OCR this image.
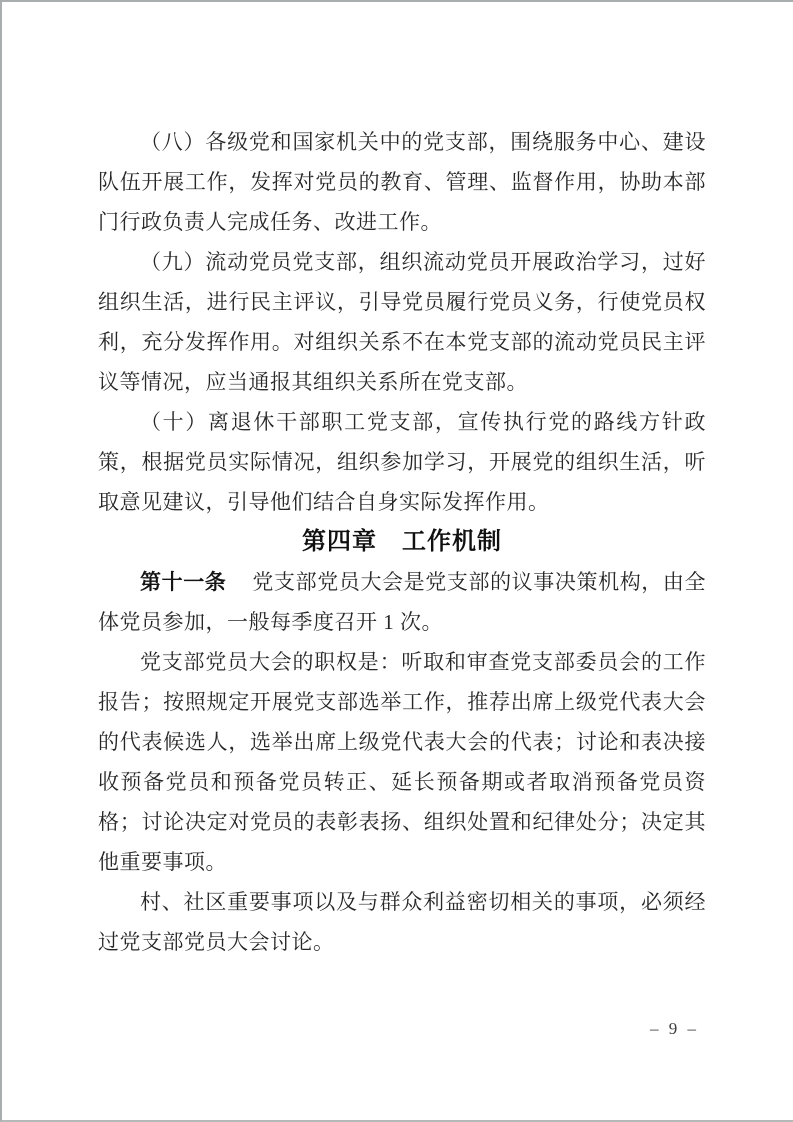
（八）各级党和国家机关中的党支部，围绕服务中心、建设队伍开展工作，发挥对党员的教育、管理、监督作用，协助本部门行政负责人完成任务、改进工作。

（九）流动党员党支部，组织流动党员开展政治学习，过好组织生活，进行民主评议，引导党员履行党员义务，行使党员权利，充分发挥作用。对组织关系不在本党支部的流动党员民主评议等情况，应当通报其组织关系所在党支部。

（十）离退休干部职工党支部，宣传执行党的路线方针政策，根据党员实际情况，组织参加学习，开展党的组织生活，听取意见建议，引导他们结合自身实际发挥作用。

第四章　工作机制

第十一条 党支部党员大会是党支部的议事决策机构，由全体党员参加，一般每季度召开 1 次。

党支部党员大会的职权是：听取和审查党支部委员会的工作报告；按照规定开展党支部选举工作，推荐出席上级党代表大会的代表候选人，选举出席上级党代表大会的代表；讨论和表决接收预备党员和预备党员转正、延长预备期或者取消预备党员资格；讨论决定对党员的表彰表扬、组织处置和纪律处分；决定其他重要事项。

村、社区重要事项以及与群众利益密切相关的事项，必须经过党支部党员大会讨论。

– 9 –
